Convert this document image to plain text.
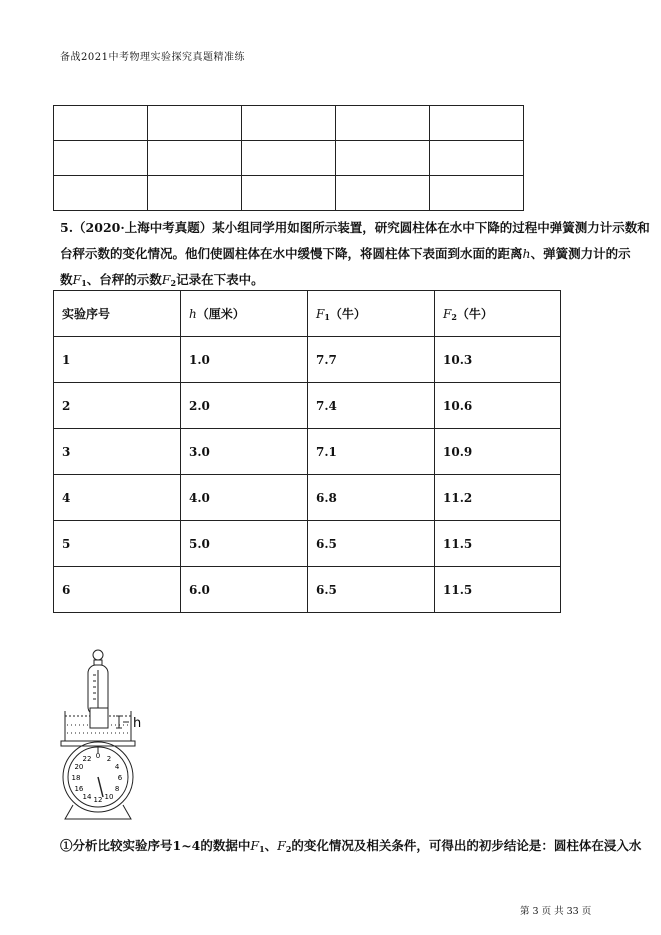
备战2021中考物理实验探究真题精准练

5.（2020·上海中考真题）某小组同学用如图所示装置，研究圆柱体在水中下降的过程中弹簧测力计示数和
台秤示数的变化情况。他们使圆柱体在水中缓慢下降，将圆柱体下表面到水面的距离h、弹簧测力计的示
数$F_1$、台秤的示数$F_2$记录在下表中。
实验序号	h（厘米）	$F_1$（牛）	$F_2$（牛）
1	1.0	7.7	10.3
2	2.0	7.4	10.6
3	3.0	7.1	10.9
4	4.0	6.8	11.2
5	5.0	6.5	11.5
6	6.0	6.5	11.5
h
0 2
4
6
8
10
12
14
16
18
20
22
①分析比较实验序号1~4的数据中$F_1$、$F_2$的变化情况及相关条件，可得出的初步结论是：圆柱体在浸入水
第 3 页 共 33 页
